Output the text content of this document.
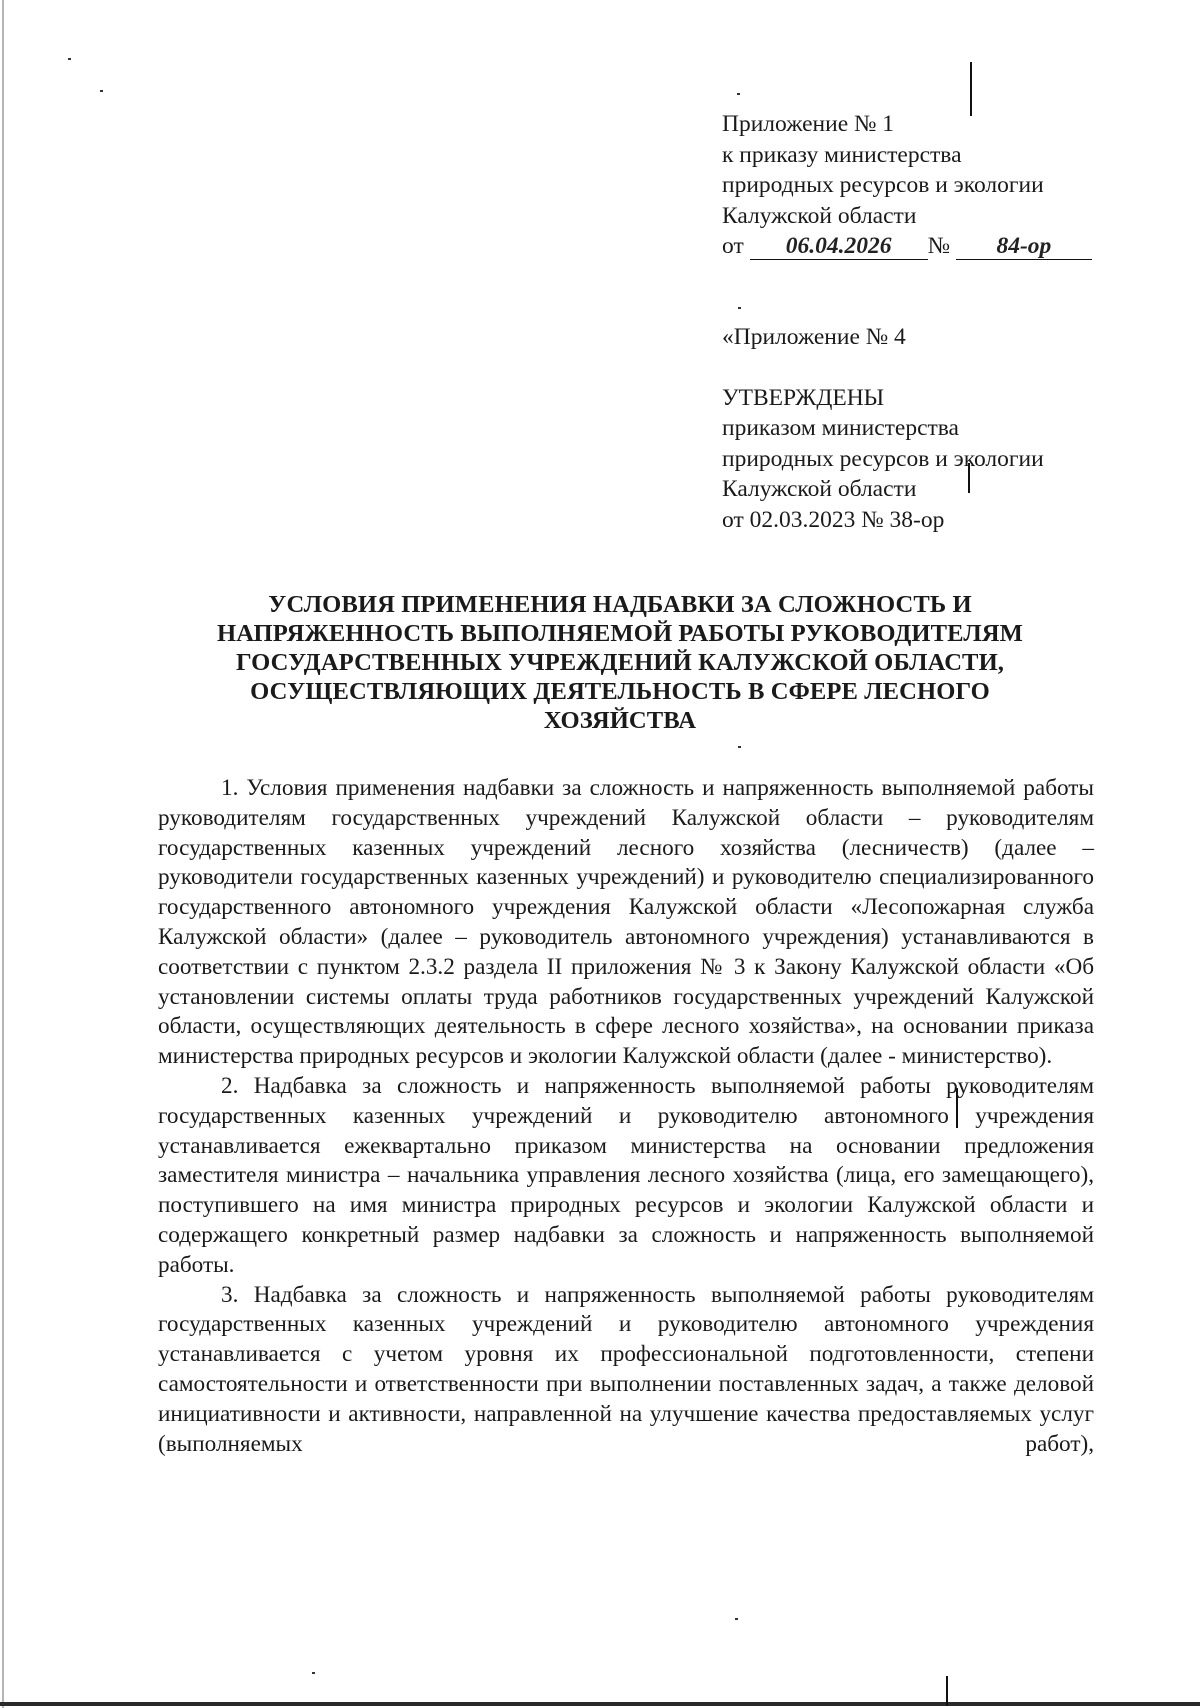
Приложение № 1
к приказу министерства
природных ресурсов и экологии
Калужской области
от 06.04.2026 № 84-ор
«Приложение № 4
УТВЕРЖДЕНЫ
приказом министерства
природных ресурсов и экологии
Калужской области
от 02.03.2023 № 38-ор
УСЛОВИЯ ПРИМЕНЕНИЯ НАДБАВКИ ЗА СЛОЖНОСТЬ И
НАПРЯЖЕННОСТЬ ВЫПОЛНЯЕМОЙ РАБОТЫ РУКОВОДИТЕЛЯМ
ГОСУДАРСТВЕННЫХ УЧРЕЖДЕНИЙ КАЛУЖСКОЙ ОБЛАСТИ,
ОСУЩЕСТВЛЯЮЩИХ ДЕЯТЕЛЬНОСТЬ В СФЕРЕ ЛЕСНОГО
ХОЗЯЙСТВА

1. Условия применения надбавки за сложность и напряженность выполняемой работы руководителям государственных учреждений Калужской области – руководителям государственных казенных учреждений лесного хозяйства (лесничеств) (далее – руководители государственных казенных учреждений) и руководителю специализированного государственного автономного учреждения Калужской области «Лесопожарная служба Калужской области» (далее – руководитель автономного учреждения) устанавливаются в соответствии с пунктом 2.3.2 раздела II приложения № 3 к Закону Калужской области «Об установлении системы оплаты труда работников государственных учреждений Калужской области, осуществляющих деятельность в сфере лесного хозяйства», на основании приказа министерства природных ресурсов и экологии Калужской области (далее - министерство).

2. Надбавка за сложность и напряженность выполняемой работы руководителям государственных казенных учреждений и руководителю автономного учреждения устанавливается ежеквартально приказом министерства на основании предложения заместителя министра – начальника управления лесного хозяйства (лица, его замещающего), поступившего на имя министра природных ресурсов и экологии Калужской области и содержащего конкретный размер надбавки за сложность и напряженность выполняемой работы.

3. Надбавка за сложность и напряженность выполняемой работы руководителям государственных казенных учреждений и руководителю автономного учреждения устанавливается с учетом уровня их профессиональной подготовленности, степени самостоятельности и ответственности при выполнении поставленных задач, а также деловой инициативности и активности, направленной на улучшение качества предоставляемых услуг (выполняемых работ),
